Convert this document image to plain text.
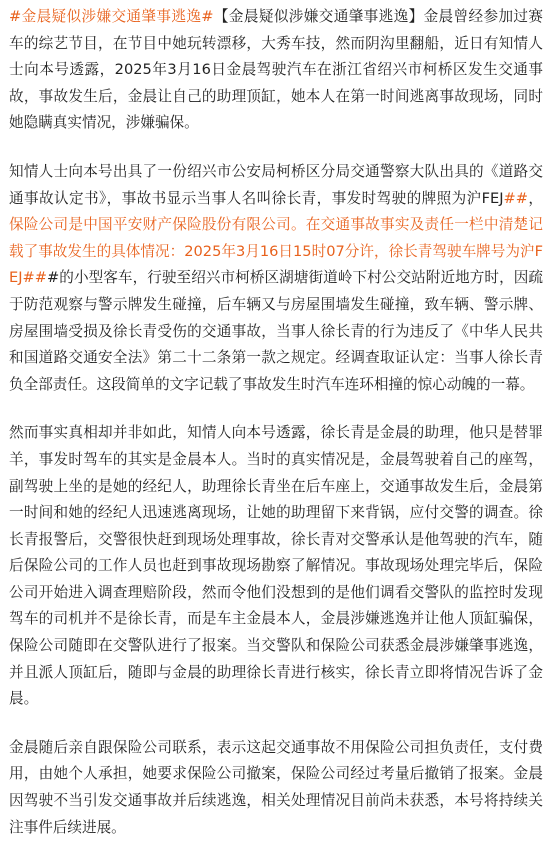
#金晨疑似涉嫌交通肇事逃逸#【金晨疑似涉嫌交通肇事逃逸】金晨曾经参加过赛车的综艺节目，在节目中她玩转漂移，大秀车技，然而阴沟里翻船，近日有知情人士向本号透露，2025年3月16日金晨驾驶汽车在浙江省绍兴市柯桥区发生交通事故，事故发生后，金晨让自己的助理顶缸，她本人在第一时间逃离事故现场，同时她隐瞒真实情况，涉嫌骗保。

知情人士向本号出具了一份绍兴市公安局柯桥区分局交通警察大队出具的《道路交通事故认定书》，事故书显示当事人名叫徐长青，事发时驾驶的牌照为沪FEJ##，保险公司是中国平安财产保险股份有限公司。在交通事故事实及责任一栏中清楚记载了事故发生的具体情况：2025年3月16日15时07分许，徐长青驾驶车牌号为沪FEJ###的小型客车，行驶至绍兴市柯桥区湖塘街道岭下村公交站附近地方时，因疏于防范观察与警示牌发生碰撞，后车辆又与房屋围墙发生碰撞，致车辆、警示牌、房屋围墙受损及徐长青受伤的交通事故，当事人徐长青的行为违反了《中华人民共和国道路交通安全法》第二十二条第一款之规定。经调查取证认定：当事人徐长青负全部责任。这段简单的文字记载了事故发生时汽车连环相撞的惊心动魄的一幕。

然而事实真相却并非如此，知情人向本号透露，徐长青是金晨的助理，他只是替罪羊，事发时驾车的其实是金晨本人。当时的真实情况是，金晨驾驶着自己的座驾，副驾驶上坐的是她的经纪人，助理徐长青坐在后车座上，交通事故发生后，金晨第一时间和她的经纪人迅速逃离现场，让她的助理留下来背锅，应付交警的调查。徐长青报警后，交警很快赶到现场处理事故，徐长青对交警承认是他驾驶的汽车，随后保险公司的工作人员也赶到事故现场勘察了解情况。事故现场处理完毕后，保险公司开始进入调查理赔阶段，然而令他们没想到的是他们调看交警队的监控时发现驾车的司机并不是徐长青，而是车主金晨本人，金晨涉嫌逃逸并让他人顶缸骗保，保险公司随即在交警队进行了报案。当交警队和保险公司获悉金晨涉嫌肇事逃逸，并且派人顶缸后，随即与金晨的助理徐长青进行核实，徐长青立即将情况告诉了金晨。

金晨随后亲自跟保险公司联系，表示这起交通事故不用保险公司担负责任，支付费用，由她个人承担，她要求保险公司撤案，保险公司经过考量后撤销了报案。金晨因驾驶不当引发交通事故并后续逃逸，相关处理情况目前尚未获悉，本号将持续关注事件后续进展。
